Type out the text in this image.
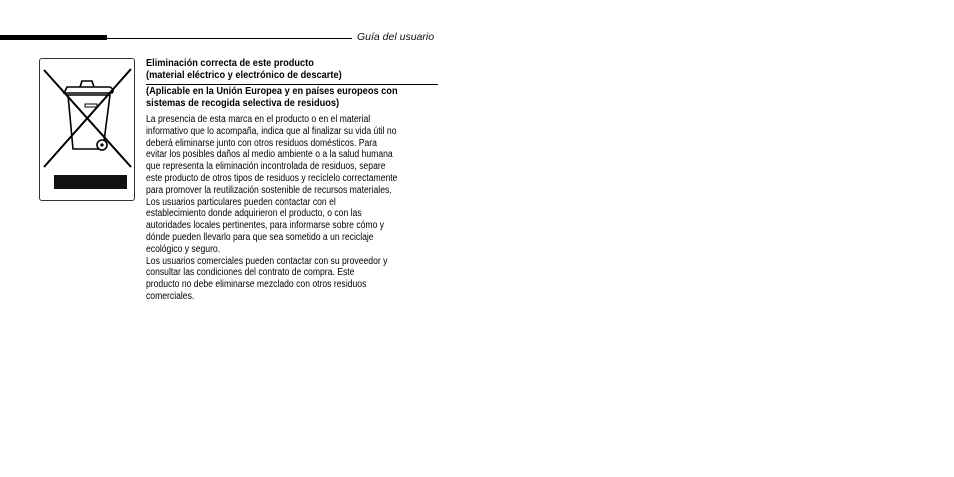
Guía del usuario
Eliminación correcta de este producto
(material eléctrico y electrónico de descarte)
(Aplicable en la Unión Europea y en países europeos con
sistemas de recogida selectiva de residuos)
La presencia de esta marca en el producto o en el material
informativo que lo acompaña, indica que al finalizar su vida útil no
deberá eliminarse junto con otros residuos domésticos. Para
evitar los posibles daños al medio ambiente o a la salud humana
que representa la eliminación incontrolada de residuos, separe
este producto de otros tipos de residuos y recíclelo correctamente
para promover la reutilización sostenible de recursos materiales.
Los usuarios particulares pueden contactar con el
establecimiento donde adquirieron el producto, o con las
autoridades locales pertinentes, para informarse sobre cómo y
dónde pueden llevarlo para que sea sometido a un reciclaje
ecológico y seguro.
Los usuarios comerciales pueden contactar con su proveedor y
consultar las condiciones del contrato de compra. Este
producto no debe eliminarse mezclado con otros residuos
comerciales.
